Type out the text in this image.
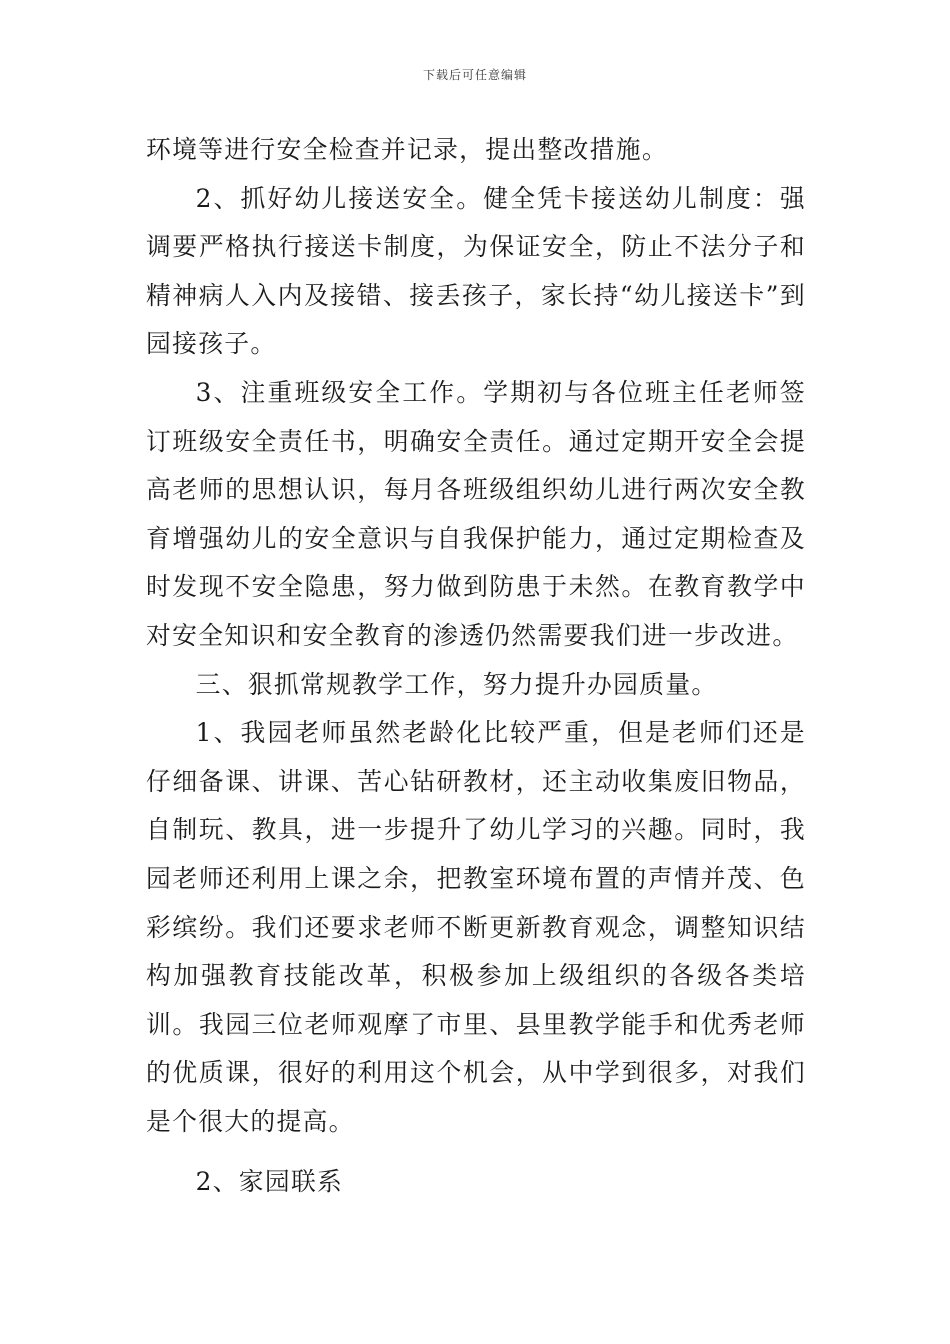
下载后可任意编辑

环境等进行安全检查并记录，提出整改措施。

2、抓好幼儿接送安全。健全凭卡接送幼儿制度：强调要严格执行接送卡制度，为保证安全，防止不法分子和精神病人入内及接错、接丢孩子，家长持“幼儿接送卡”到园接孩子。

3、注重班级安全工作。学期初与各位班主任老师签订班级安全责任书，明确安全责任。通过定期开安全会提高老师的思想认识，每月各班级组织幼儿进行两次安全教育增强幼儿的安全意识与自我保护能力，通过定期检查及时发现不安全隐患，努力做到防患于未然。在教育教学中对安全知识和安全教育的渗透仍然需要我们进一步改进。

三、狠抓常规教学工作，努力提升办园质量。

1、我园老师虽然老龄化比较严重，但是老师们还是仔细备课、讲课、苦心钻研教材，还主动收集废旧物品，自制玩、教具，进一步提升了幼儿学习的兴趣。同时，我园老师还利用上课之余，把教室环境布置的声情并茂、色彩缤纷。我们还要求老师不断更新教育观念，调整知识结构加强教育技能改革，积极参加上级组织的各级各类培训。我园三位老师观摩了市里、县里教学能手和优秀老师的优质课，很好的利用这个机会，从中学到很多，对我们是个很大的提高。

2、家园联系
